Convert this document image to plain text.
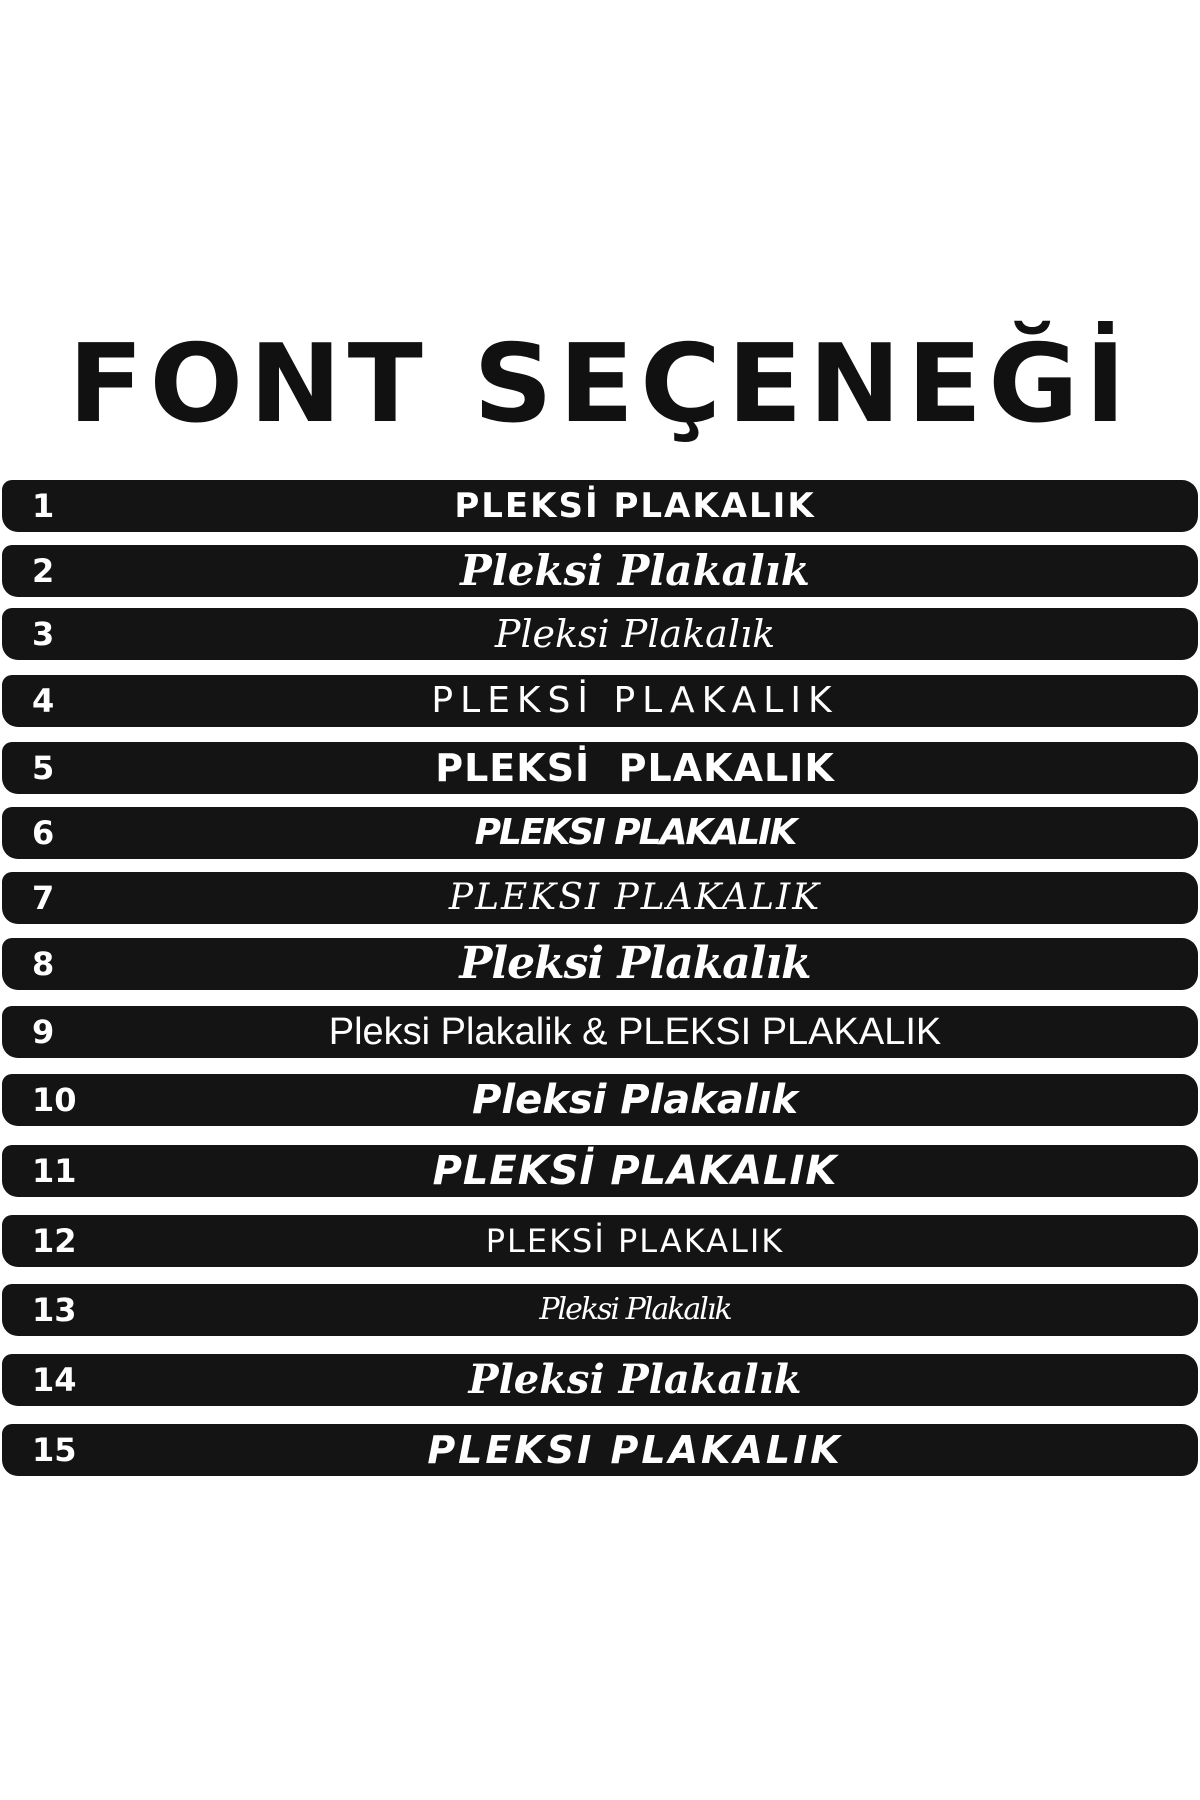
FONT SEÇENEĞİ
1	PLEKSİ PLAKALIK
2	Pleksi Plakalık
3	Pleksi Plakalık
4	PLEKSİ PLAKALIK
5	PLEKSİ  PLAKALIK
6	PLEKSI PLAKALIK
7	PLEKSI PLAKALIK
8	Pleksi Plakalık
9	Pleksi Plakalik & PLEKSI PLAKALIK
10	Pleksi Plakalık
11	PLEKSİ PLAKALIK
12	PLEKSİ PLAKALIK
13	Pleksi Plakalık
14	Pleksi Plakalık
15	PLEKSI PLAKALIK
